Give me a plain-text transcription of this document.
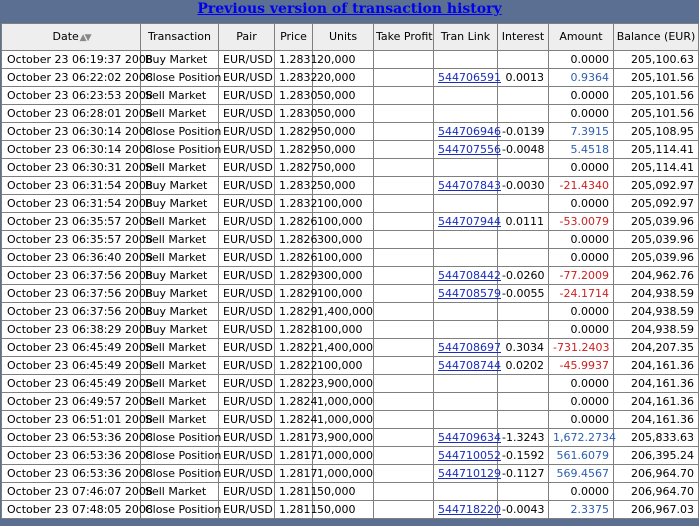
Previous version of transaction history
Date ▲▼	Transaction	Pair	Price	Units	Take Profit	Tran Link	Interest	Amount	Balance (EUR)
October 23 06:19:37 2008	Buy Market	EUR/USD	1.2831	20,000				0.0000	205,100.63
October 23 06:22:02 2008	Close Position	EUR/USD	1.2832	20,000		544706591	0.0013	0.9364	205,101.56
October 23 06:23:53 2008	Sell Market	EUR/USD	1.2830	50,000				0.0000	205,101.56
October 23 06:28:01 2008	Sell Market	EUR/USD	1.2830	50,000				0.0000	205,101.56
October 23 06:30:14 2008	Close Position	EUR/USD	1.2829	50,000		544706946	-0.0139	7.3915	205,108.95
October 23 06:30:14 2008	Close Position	EUR/USD	1.2829	50,000		544707556	-0.0048	5.4518	205,114.41
October 23 06:30:31 2008	Sell Market	EUR/USD	1.2827	50,000				0.0000	205,114.41
October 23 06:31:54 2008	Buy Market	EUR/USD	1.2832	50,000		544707843	-0.0030	-21.4340	205,092.97
October 23 06:31:54 2008	Buy Market	EUR/USD	1.2832	100,000				0.0000	205,092.97
October 23 06:35:57 2008	Sell Market	EUR/USD	1.2826	100,000		544707944	0.0111	-53.0079	205,039.96
October 23 06:35:57 2008	Sell Market	EUR/USD	1.2826	300,000				0.0000	205,039.96
October 23 06:36:40 2008	Sell Market	EUR/USD	1.2826	100,000				0.0000	205,039.96
October 23 06:37:56 2008	Buy Market	EUR/USD	1.2829	300,000		544708442	-0.0260	-77.2009	204,962.76
October 23 06:37:56 2008	Buy Market	EUR/USD	1.2829	100,000		544708579	-0.0055	-24.1714	204,938.59
October 23 06:37:56 2008	Buy Market	EUR/USD	1.2829	1,400,000				0.0000	204,938.59
October 23 06:38:29 2008	Buy Market	EUR/USD	1.2828	100,000				0.0000	204,938.59
October 23 06:45:49 2008	Sell Market	EUR/USD	1.2822	1,400,000		544708697	0.3034	-731.2403	204,207.35
October 23 06:45:49 2008	Sell Market	EUR/USD	1.2822	100,000		544708744	0.0202	-45.9937	204,161.36
October 23 06:45:49 2008	Sell Market	EUR/USD	1.2822	3,900,000				0.0000	204,161.36
October 23 06:49:57 2008	Sell Market	EUR/USD	1.2824	1,000,000				0.0000	204,161.36
October 23 06:51:01 2008	Sell Market	EUR/USD	1.2824	1,000,000				0.0000	204,161.36
October 23 06:53:36 2008	Close Position	EUR/USD	1.2817	3,900,000		544709634	-1.3243	1,672.2734	205,833.63
October 23 06:53:36 2008	Close Position	EUR/USD	1.2817	1,000,000		544710052	-0.1592	561.6079	206,395.24
October 23 06:53:36 2008	Close Position	EUR/USD	1.2817	1,000,000		544710129	-0.1127	569.4567	206,964.70
October 23 07:46:07 2008	Sell Market	EUR/USD	1.2811	50,000				0.0000	206,964.70
October 23 07:48:05 2008	Close Position	EUR/USD	1.2811	50,000		544718220	-0.0043	2.3375	206,967.03
